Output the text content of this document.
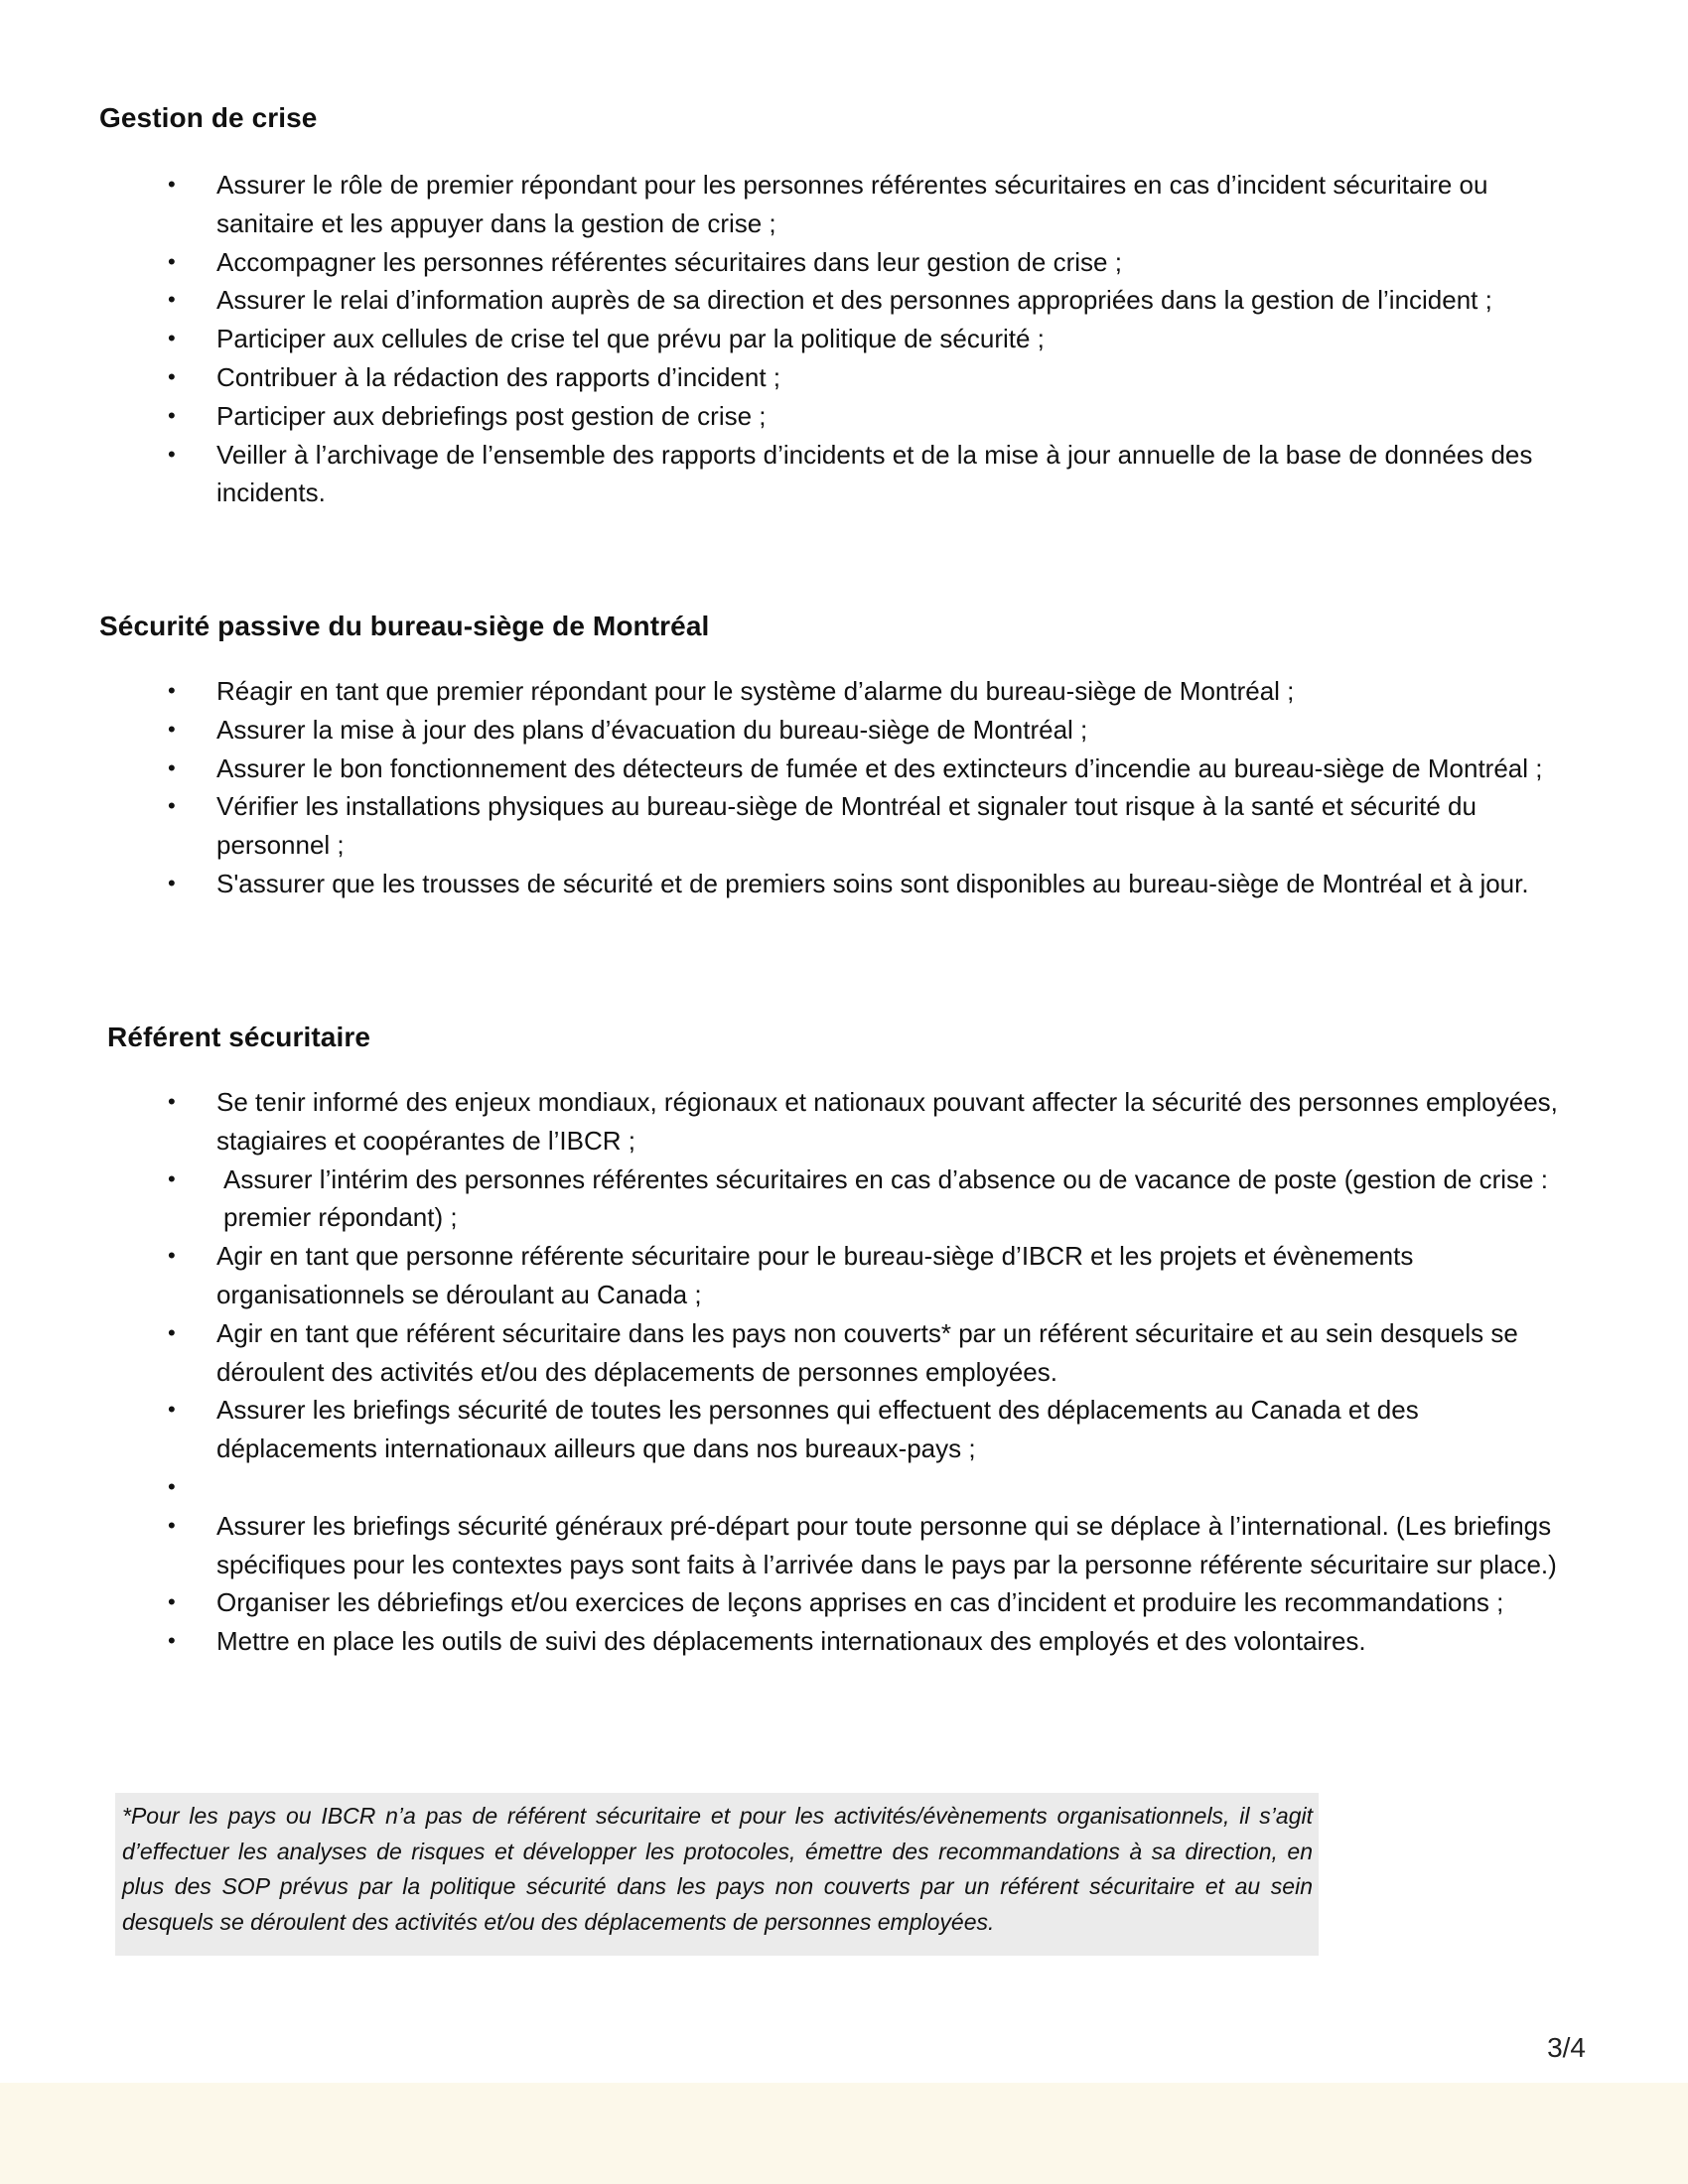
Gestion de crise
• Assurer le rôle de premier répondant pour les personnes référentes sécuritaires en cas d’incident sécuritaire ou sanitaire et les appuyer dans la gestion de crise ;
• Accompagner les personnes référentes sécuritaires dans leur gestion de crise ;
• Assurer le relai d’information auprès de sa direction et des personnes appropriées dans la gestion de l’incident ;
• Participer aux cellules de crise tel que prévu par la politique de sécurité ;
• Contribuer à la rédaction des rapports d’incident ;
• Participer aux debriefings post gestion de crise ;
• Veiller à l’archivage de l’ensemble des rapports d’incidents et de la mise à jour annuelle de la base de données des incidents.
Sécurité passive du bureau-siège de Montréal
• Réagir en tant que premier répondant pour le système d’alarme du bureau-siège de Montréal ;
• Assurer la mise à jour des plans d’évacuation du bureau-siège de Montréal ;
• Assurer le bon fonctionnement des détecteurs de fumée et des extincteurs d’incendie au bureau-siège de Montréal ;
• Vérifier les installations physiques au bureau-siège de Montréal et signaler tout risque à la santé et sécurité du personnel ;
• S'assurer que les trousses de sécurité et de premiers soins sont disponibles au bureau-siège de Montréal et à jour.
Référent sécuritaire
• Se tenir informé des enjeux mondiaux, régionaux et nationaux pouvant affecter la sécurité des personnes employées, stagiaires et coopérantes de l’IBCR ;
• Assurer l’intérim des personnes référentes sécuritaires en cas d’absence ou de vacance de poste (gestion de crise : premier répondant) ;
• Agir en tant que personne référente sécuritaire pour le bureau-siège d’IBCR et les projets et évènements organisationnels se déroulant au Canada ;
• Agir en tant que référent sécuritaire dans les pays non couverts* par un référent sécuritaire et au sein desquels se déroulent des activités et/ou des déplacements de personnes employées.
• Assurer les briefings sécurité de toutes les personnes qui effectuent des déplacements au Canada et des déplacements internationaux ailleurs que dans nos bureaux-pays ;
•
• Assurer les briefings sécurité généraux pré-départ pour toute personne qui se déplace à l’international. (Les briefings spécifiques pour les contextes pays sont faits à l’arrivée dans le pays par la personne référente sécuritaire sur place.)
• Organiser les débriefings et/ou exercices de leçons apprises en cas d’incident et produire les recommandations ;
• Mettre en place les outils de suivi des déplacements internationaux des employés et des volontaires.

*Pour les pays ou IBCR n’a pas de référent sécuritaire et pour les activités/évènements organisationnels, il s’agit d’effectuer les analyses de risques et développer les protocoles, émettre des recommandations à sa direction, en plus des SOP prévus par la politique sécurité dans les pays non couverts par un référent sécuritaire et au sein desquels se déroulent des activités et/ou des déplacements de personnes employées.

3/4
